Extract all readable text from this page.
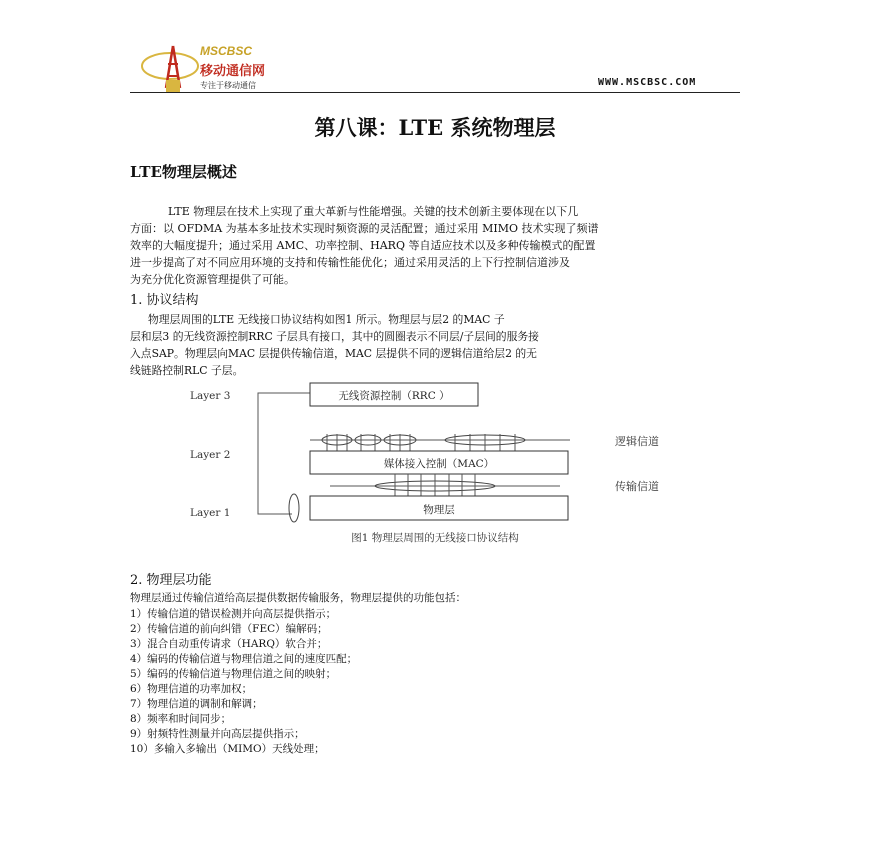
MSCBSC
移动通信网
专注于移动通信	WWW.MSCBSC.COM
第八课：LTE 系统物理层
LTE物理层概述
LTE 物理层在技术上实现了重大革新与性能增强。关键的技术创新主要体现在以下几
方面：以 OFDMA 为基本多址技术实现时频资源的灵活配置；通过采用 MIMO 技术实现了频谱
效率的大幅度提升；通过采用 AMC、功率控制、HARQ 等自适应技术以及多种传输模式的配置
进一步提高了对不同应用环境的支持和传输性能优化；通过采用灵活的上下行控制信道涉及
为充分优化资源管理提供了可能。
1. 协议结构
物理层周围的LTE 无线接口协议结构如图1 所示。物理层与层2 的MAC 子
层和层3 的无线资源控制RRC 子层具有接口，其中的圆圈表示不同层/子层间的服务接
入点SAP。物理层向MAC 层提供传输信道，MAC 层提供不同的逻辑信道给层2 的无
线链路控制RLC 子层。
Layer 3
Layer 2
Layer 1
无线资源控制（RRC ）
媒体接入控制（MAC）
物理层
逻辑信道
传输信道
图1 物理层周围的无线接口协议结构
2. 物理层功能
物理层通过传输信道给高层提供数据传输服务，物理层提供的功能包括：
1）传输信道的错误检测并向高层提供指示；
2）传输信道的前向纠错（FEC）编解码；
3）混合自动重传请求（HARQ）软合并；
4）编码的传输信道与物理信道之间的速度匹配；
5）编码的传输信道与物理信道之间的映射；
6）物理信道的功率加权；
7）物理信道的调制和解调；
8）频率和时间同步；
9）射频特性测量并向高层提供指示；
10）多输入多输出（MIMO）天线处理；
